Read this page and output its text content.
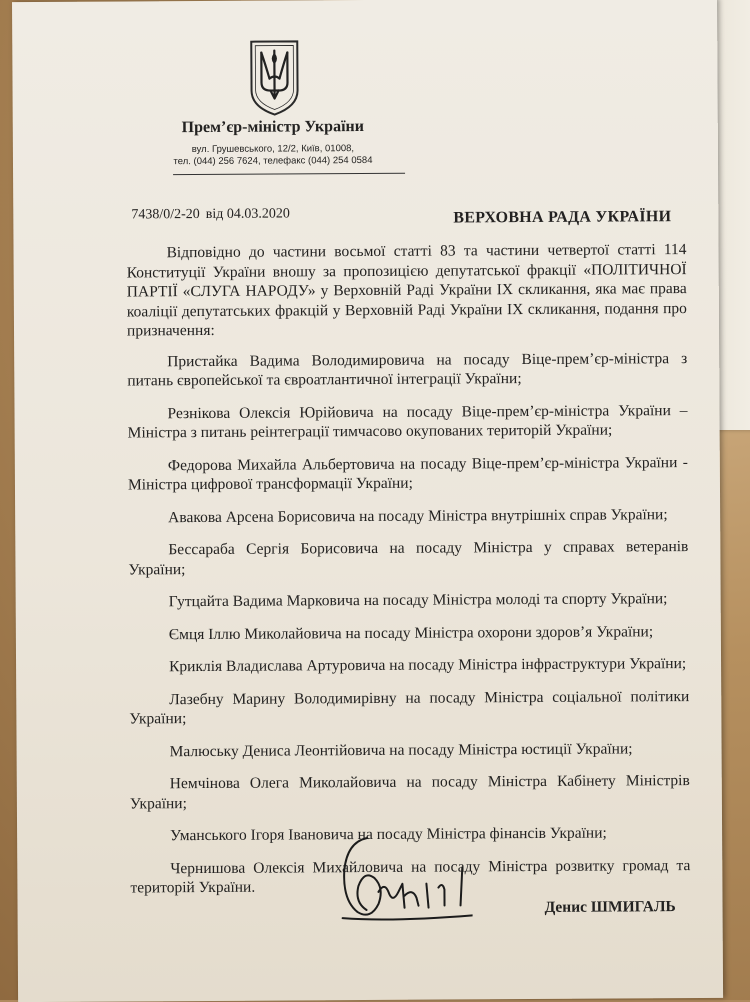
Прем’єр-міністр України
вул. Грушевського, 12/2, Київ, 01008,
тел. (044) 256 7624, телефакс (044) 254 0584
7438/0/2-20 від 04.03.2020	ВЕРХОВНА РАДА УКРАЇНИ

Відповідно до частини восьмої статті 83 та частини четвертої статті 114 Конституції України вношу за пропозицією депутатської фракції «ПОЛІТИЧНОЇ ПАРТІЇ «СЛУГА НАРОДУ» у Верховній Раді України IX скликання, яка має права коаліції депутатських фракцій у Верховній Раді України IX скликання, подання про призначення:

Пристайка Вадима Володимировича на посаду Віце-прем’єр-міністра з питань європейської та євроатлантичної інтеграції України;

Резнікова Олексія Юрійовича на посаду Віце-прем’єр-міністра України – Міністра з питань реінтеграції тимчасово окупованих територій України;

Федорова Михайла Альбертовича на посаду Віце-прем’єр-міністра України - Міністра цифрової трансформації України;

Авакова Арсена Борисовича на посаду Міністра внутрішніх справ України;

Бессараба Сергія Борисовича на посаду Міністра у справах ветеранів України;

Гутцайта Вадима Марковича на посаду Міністра молоді та спорту України;

Ємця Іллю Миколайовича на посаду Міністра охорони здоров’я України;

Криклія Владислава Артуровича на посаду Міністра інфраструктури України;

Лазебну Марину Володимирівну на посаду Міністра соціальної політики України;

Малюську Дениса Леонтійовича на посаду Міністра юстиції України;

Немчінова Олега Миколайовича на посаду Міністра Кабінету Міністрів України;

Уманського Ігоря Івановича на посаду Міністра фінансів України;

Чернишова Олексія Михайловича на посаду Міністра розвитку громад та територій України.

Денис ШМИГАЛЬ
